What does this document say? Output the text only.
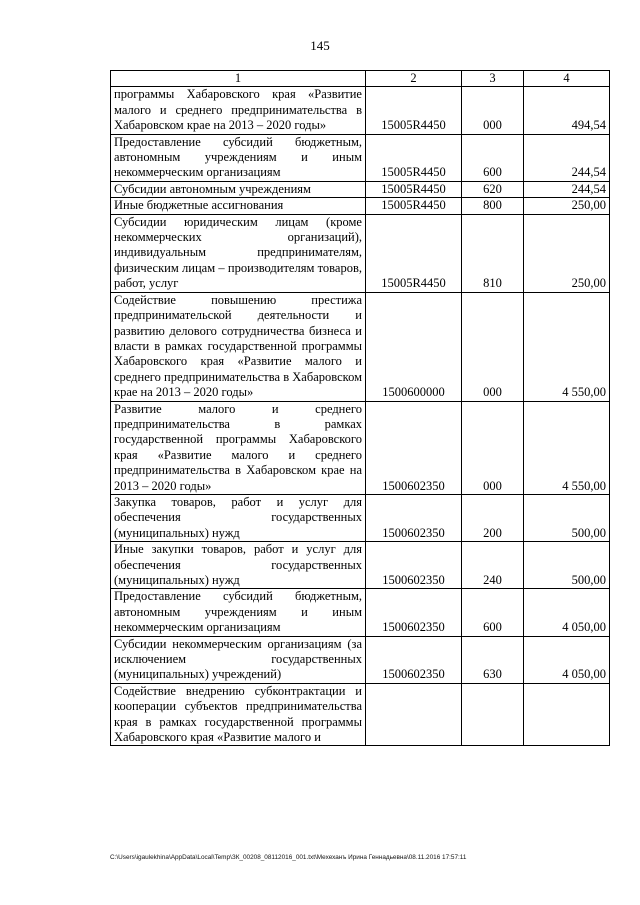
145
1	2	3	4
программы Хабаровского края «Развитие малого и среднего предпринимательства в Хабаровском крае на 2013 – 2020 годы»	15005R4450	000	494,54
Предоставление субсидий бюджетным, автономным учреждениям и иным некоммерческим организациям	15005R4450	600	244,54
Субсидии автономным учреждениям	15005R4450	620	244,54
Иные бюджетные ассигнования	15005R4450	800	250,00
Субсидии юридическим лицам (кроме некоммерческих организаций), индивидуальным предпринимателям, физическим лицам – производителям товаров, работ, услуг	15005R4450	810	250,00
Содействие повышению престижа предпринимательской деятельности и развитию делового сотрудничества бизнеса и власти в рамках государственной программы Хабаровского края «Развитие малого и среднего предпринимательства в Хабаровском крае на 2013 – 2020 годы»	1500600000	000	4 550,00
Развитие малого и среднего предпринимательства в рамках государственной программы Хабаровского края «Развитие малого и среднего предпринимательства в Хабаровском крае на 2013 – 2020 годы»	1500602350	000	4 550,00
Закупка товаров, работ и услуг для обеспечения государственных (муниципальных) нужд	1500602350	200	500,00
Иные закупки товаров, работ и услуг для обеспечения государственных (муниципальных) нужд	1500602350	240	500,00
Предоставление субсидий бюджетным, автономным учреждениям и иным некоммерческим организациям	1500602350	600	4 050,00
Субсидии некоммерческим организациям (за исключением государственных (муниципальных) учреждений)	1500602350	630	4 050,00
Содействие внедрению субконтрактации и кооперации субъектов предпринимательства края в рамках государственной программы Хабаровского края «Развитие малого и			
C:\Users\igaulekhina\AppData\Local\Temp\ЗК_00208_08112016_001.txt\Мехеханъ Ирина Геннадьевна\08.11.2016 17:57:11
